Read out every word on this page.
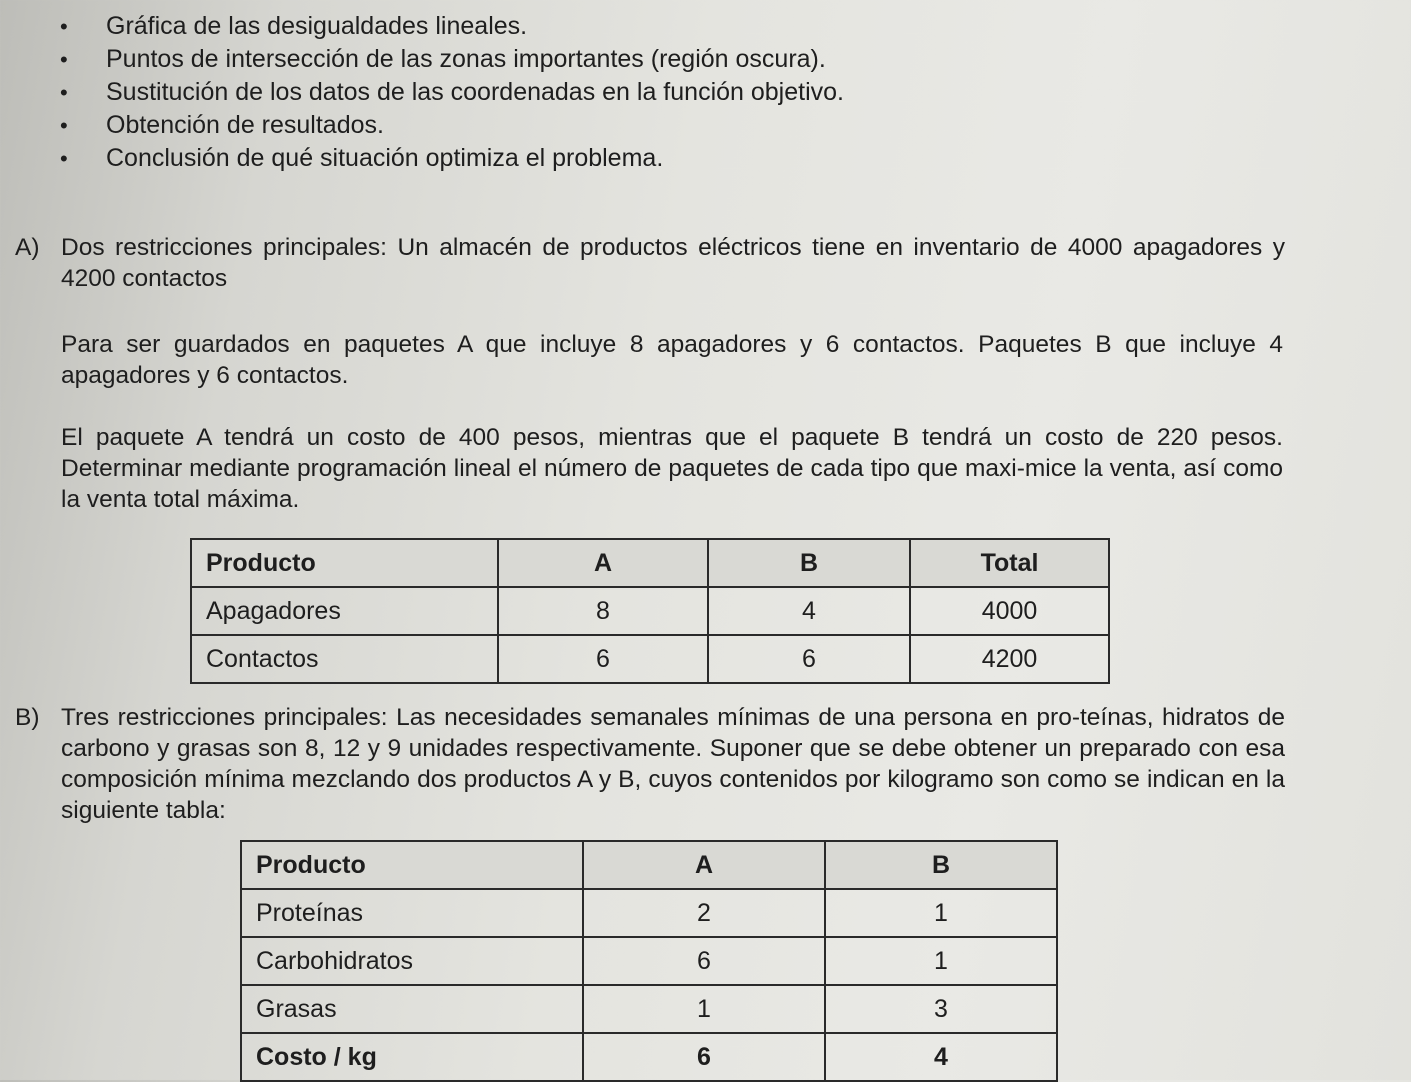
• Gráfica de las desigualdades lineales.
• Puntos de intersección de las zonas importantes (región oscura).
• Sustitución de los datos de las coordenadas en la función objetivo.
• Obtención de resultados.
• Conclusión de qué situación optimiza el problema.
A) Dos restricciones principales: Un almacén de productos eléctricos tiene en inventario de 4000 apagadores y 4200 contactos
Para ser guardados en paquetes A que incluye 8 apagadores y 6 contactos. Paquetes B que incluye 4 apagadores y 6 contactos.
El paquete A tendrá un costo de 400 pesos, mientras que el paquete B tendrá un costo de 220 pesos. Determinar mediante programación lineal el número de paquetes de cada tipo que maxi-mice la venta, así como la venta total máxima.
Producto	A	B	Total
Apagadores	8	4	4000
Contactos	6	6	4200
B) Tres restricciones principales: Las necesidades semanales mínimas de una persona en pro-teínas, hidratos de carbono y grasas son 8, 12 y 9 unidades respectivamente. Suponer que se debe obtener un preparado con esa composición mínima mezclando dos productos A y B, cuyos contenidos por kilogramo son como se indican en la siguiente tabla:
Producto	A	B
Proteínas	2	1
Carbohidratos	6	1
Grasas	1	3
Costo / kg	6	4
